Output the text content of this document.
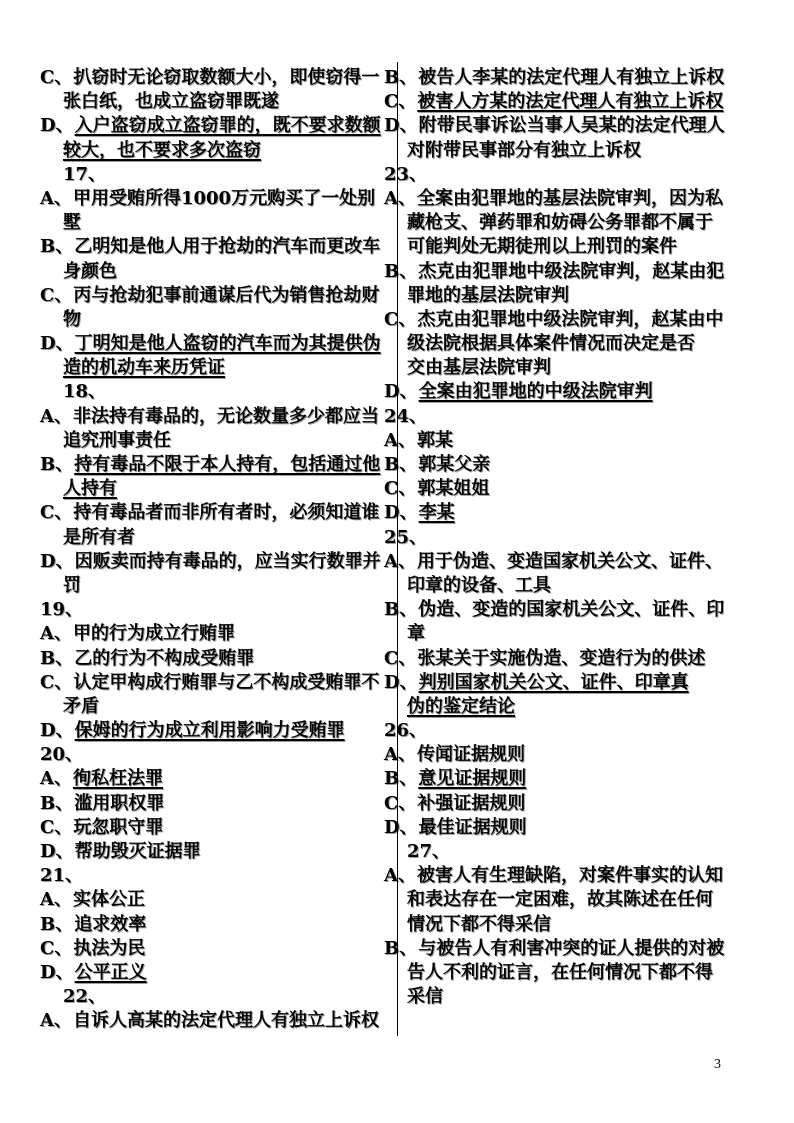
C、扒窃时无论窃取数额大小，即使窃得一
张白纸，也成立盗窃罪既遂
D、入户盗窃成立盗窃罪的，既不要求数额
较大，也不要求多次盗窃
17、
A、甲用受贿所得1000万元购买了一处别
墅
B、乙明知是他人用于抢劫的汽车而更改车
身颜色
C、丙与抢劫犯事前通谋后代为销售抢劫财
物
D、丁明知是他人盗窃的汽车而为其提供伪
造的机动车来历凭证
18、
A、非法持有毒品的，无论数量多少都应当
追究刑事责任
B、持有毒品不限于本人持有，包括通过他
人持有
C、持有毒品者而非所有者时，必须知道谁
是所有者
D、因贩卖而持有毒品的，应当实行数罪并
罚
19、
A、甲的行为成立行贿罪
B、乙的行为不构成受贿罪
C、认定甲构成行贿罪与乙不构成受贿罪不
矛盾
D、保姆的行为成立利用影响力受贿罪
20、
A、徇私枉法罪
B、滥用职权罪
C、玩忽职守罪
D、帮助毁灭证据罪
21、
A、实体公正
B、追求效率
C、执法为民
D、公平正义
22、
A、自诉人高某的法定代理人有独立上诉权
B、被告人李某的法定代理人有独立上诉权
C、被害人方某的法定代理人有独立上诉权
D、附带民事诉讼当事人吴某的法定代理人
对附带民事部分有独立上诉权
23、
A、全案由犯罪地的基层法院审判，因为私
藏枪支、弹药罪和妨碍公务罪都不属于
可能判处无期徒刑以上刑罚的案件
B、杰克由犯罪地中级法院审判，赵某由犯
罪地的基层法院审判
C、杰克由犯罪地中级法院审判，赵某由中
级法院根据具体案件情况而决定是否
交由基层法院审判
D、全案由犯罪地的中级法院审判
24、
A、郭某
B、郭某父亲
C、郭某姐姐
D、李某
25、
A、用于伪造、变造国家机关公文、证件、
印章的设备、工具
B、伪造、变造的国家机关公文、证件、印
章
C、张某关于实施伪造、变造行为的供述
D、判别国家机关公文、证件、印章真
伪的鉴定结论
26、
A、传闻证据规则
B、意见证据规则
C、补强证据规则
D、最佳证据规则
27、
A、被害人有生理缺陷，对案件事实的认知
和表达存在一定困难，故其陈述在任何
情况下都不得采信
B、与被告人有利害冲突的证人提供的对被
告人不利的证言，在任何情况下都不得
采信
3
